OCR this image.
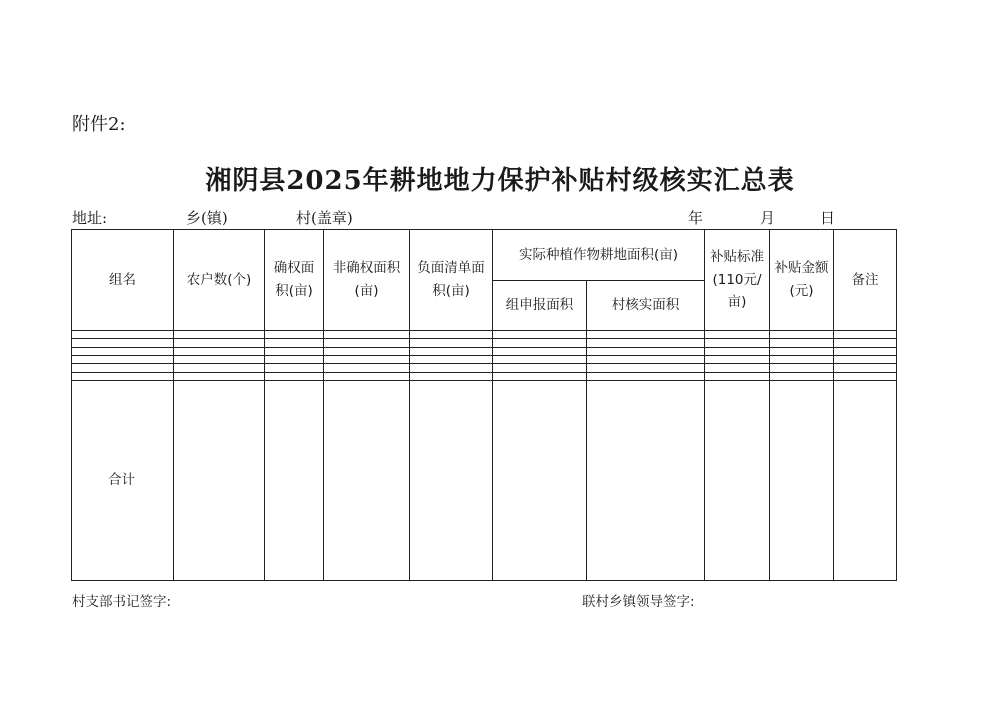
附件2:
湘阴县2025年耕地地力保护补贴村级核实汇总表
地址:	乡(镇)	村(盖章)	年	月	日
组名	农户数(个)	确权面积(亩)	非确权面积(亩)	负面清单面积(亩)	实际种植作物耕地面积(亩)		补贴标准(110元/亩)	补贴金额(元)	备注
					组申报面积	村核实面积			

合计									
村支部书记签字:	联村乡镇领导签字:
